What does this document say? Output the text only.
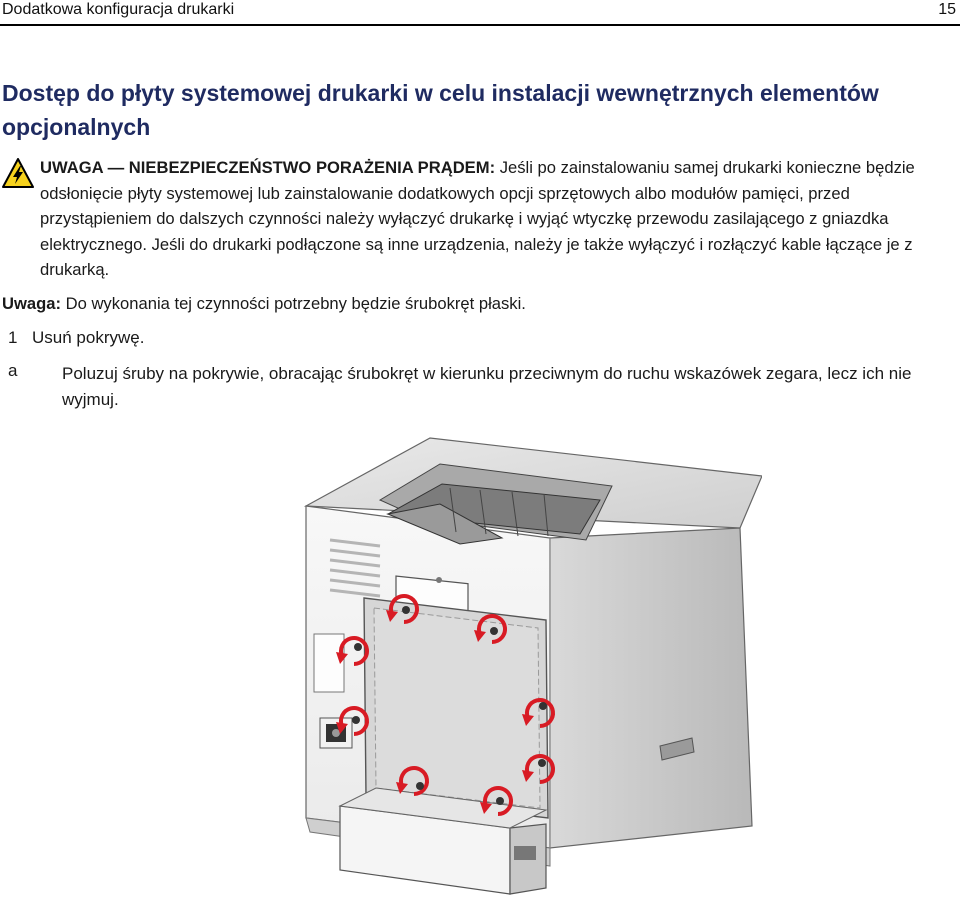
Dodatkowa konfiguracja drukarki	15
Dostęp do płyty systemowej drukarki w celu instalacji wewnętrznych elementów opcjonalnych
UWAGA — NIEBEZPIECZEŃSTWO PORAŻENIA PRĄDEM: Jeśli po zainstalowaniu samej drukarki konieczne będzie odsłonięcie płyty systemowej lub zainstalowanie dodatkowych opcji sprzętowych albo modułów pamięci, przed przystąpieniem do dalszych czynności należy wyłączyć drukarkę i wyjąć wtyczkę przewodu zasilającego z gniazdka elektrycznego. Jeśli do drukarki podłączone są inne urządzenia, należy je także wyłączyć i rozłączyć kable łączące je z drukarką.
Uwaga: Do wykonania tej czynności potrzebny będzie śrubokręt płaski.
1 Usuń pokrywę.
a	Poluzuj śruby na pokrywie, obracając śrubokręt w kierunku przeciwnym do ruchu wskazówek zegara, lecz ich nie wyjmuj.
